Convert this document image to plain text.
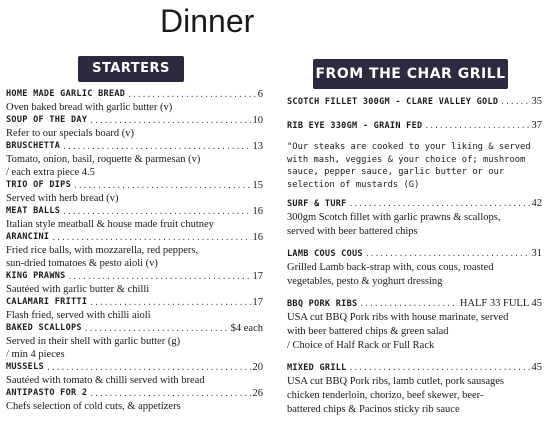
Dinner
STARTERS	FROM THE CHAR GRILL
HOME MADE GARLIC BREAD .....	6
Oven baked bread with garlic butter (v)
SOUP OF THE DAY .....	10
Refer to our specials board (v)
BRUSCHETTA .....	13
Tomato, onion, basil, roquette & parmesan (v)
/ each extra piece 4.5
TRIO OF DIPS .....	15
Served with herb bread (v)
MEAT BALLS .....	16
Italian style meatball & house made fruit chutney
ARANCINI .....	16
Fried rice balls, with mozzarella, red peppers,
sun-dried tomatoes & pesto aioli (v)
KING PRAWNS .....	17
Sautéed with garlic butter & chilli
CALAMARI FRITTI .....	17
Flash fried, served with chilli aioli
BAKED SCALLOPS .....	$4 each
Served in their shell with garlic butter (g)
/ min 4 pieces
MUSSELS .....	20
Sautéed with tomato & chilli served with bread
ANTIPASTO FOR 2 .....	26
Chefs selection of cold cuts, & appetizers
SCOTCH FILLET 300GM - CLARE VALLEY GOLD .....	35
RIB EYE 330GM - GRAIN FED .....	37
"Our steaks are cooked to your liking & served
with mash, veggies & your choice of; mushroom
sauce, pepper sauce, garlic butter or our
selection of mustards (G)
SURF & TURF .....	42
300gm Scotch fillet with garlic prawns & scallops,
served with beer battered chips
LAMB COUS COUS .....	31
Grilled Lamb back-strap with, cous cous, roasted
vegetables, pesto & yoghurt dressing
BBQ PORK RIBS .....	HALF 33 FULL 45
USA cut BBQ Pork ribs with house marinate, served
with beer battered chips & green salad
/ Choice of Half Rack or Full Rack
MIXED GRILL .....	45
USA cut BBQ Pork ribs, lamb cutlet, pork sausages
chicken tenderloin, chorizo, beef skewer, beer-
battered chips & Pacinos sticky rib sauce
